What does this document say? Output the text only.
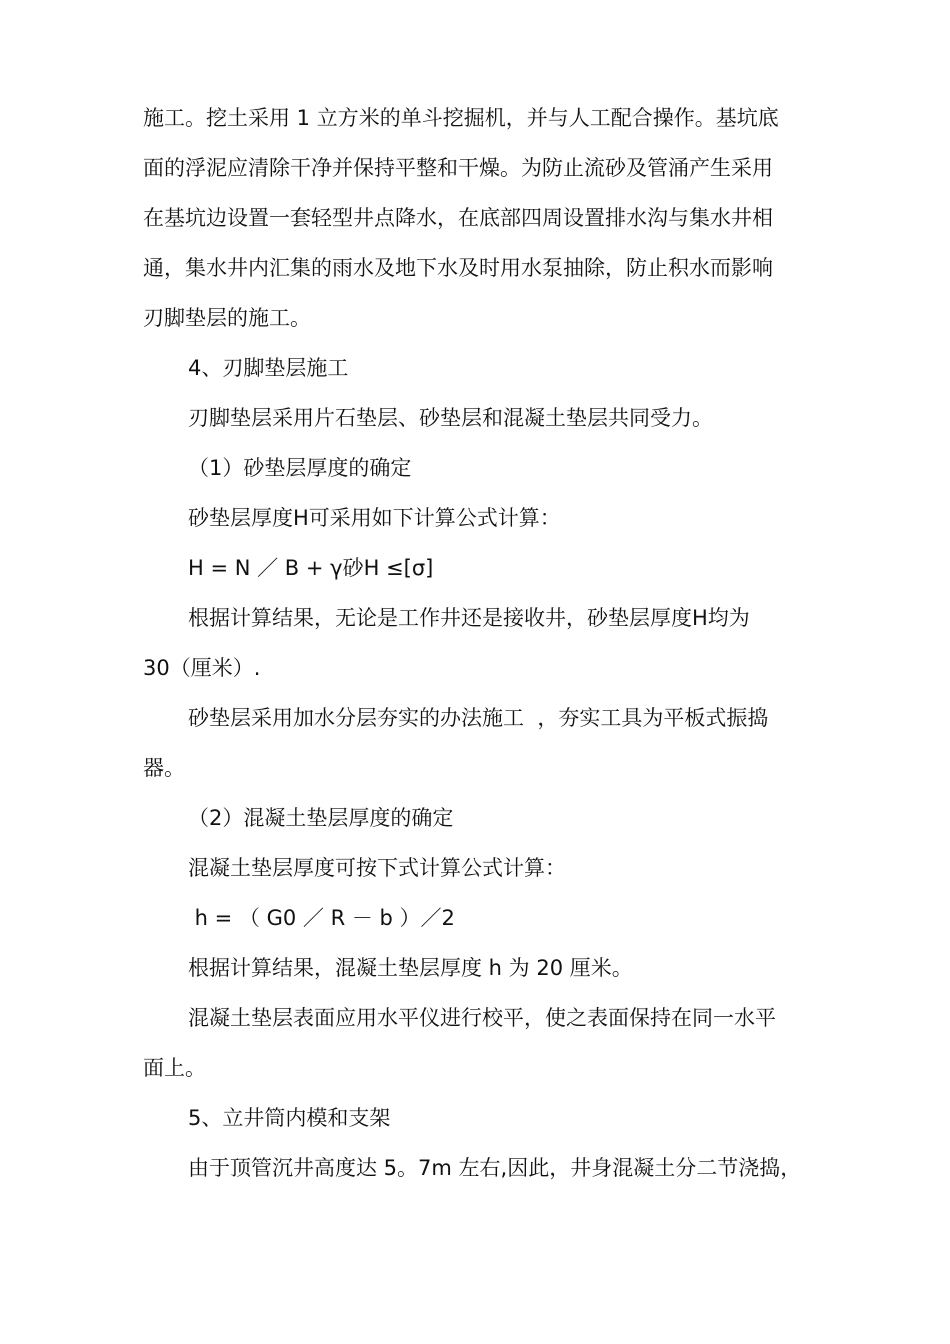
施工。挖土采用 1 立方米的单斗挖掘机，并与人工配合操作。基坑底
面的浮泥应清除干净并保持平整和干燥。为防止流砂及管涌产生采用
在基坑边设置一套轻型井点降水，在底部四周设置排水沟与集水井相
通，集水井内汇集的雨水及地下水及时用水泵抽除，防止积水而影响
刃脚垫层的施工。
4、刃脚垫层施工
刃脚垫层采用片石垫层、砂垫层和混凝土垫层共同受力。
（1）砂垫层厚度的确定
砂垫层厚度H可采用如下计算公式计算：
H = N ／ B + γ砂H ≤[σ]
根据计算结果，无论是工作井还是接收井，砂垫层厚度H均为
30（厘米）.
砂垫层采用加水分层夯实的办法施工  ，夯实工具为平板式振捣
器。
（2）混凝土垫层厚度的确定
混凝土垫层厚度可按下式计算公式计算：
h = （ G0 ／ R － b ）／2
根据计算结果，混凝土垫层厚度 h 为 20 厘米。
混凝土垫层表面应用水平仪进行校平，使之表面保持在同一水平
面上。
5、立井筒内模和支架
由于顶管沉井高度达 5。7m 左右,因此，井身混凝土分二节浇捣，
